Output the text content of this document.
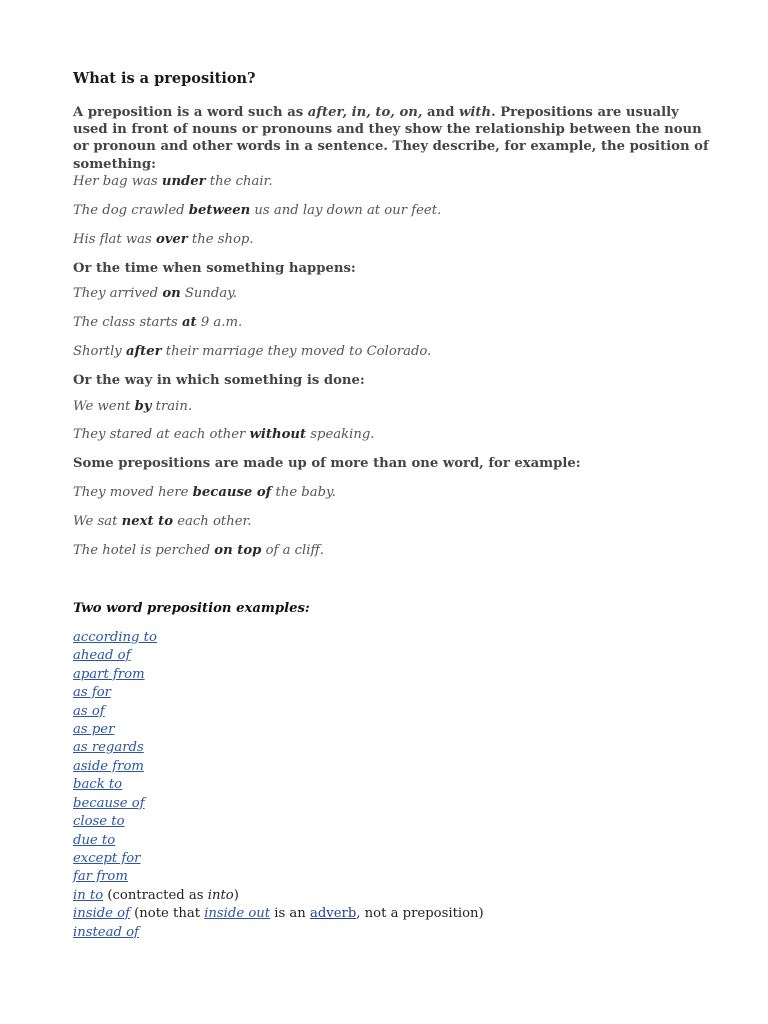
What is a preposition?
A preposition is a word such as after, in, to, on, and with. Prepositions are usually used in front of nouns or pronouns and they show the relationship between the noun or pronoun and other words in a sentence. They describe, for example, the position of something:
Her bag was under the chair.
The dog crawled between us and lay down at our feet.
His flat was over the shop.
Or the time when something happens:
They arrived on Sunday.
The class starts at 9 a.m.
Shortly after their marriage they moved to Colorado.
Or the way in which something is done:
We went by train.
They stared at each other without speaking.
Some prepositions are made up of more than one word, for example:
They moved here because of the baby.
We sat next to each other.
The hotel is perched on top of a cliff.
Two word preposition examples:
according to
ahead of
apart from
as for
as of
as per
as regards
aside from
back to
because of
close to
due to
except for
far from
in to (contracted as into)
inside of (note that inside out is an adverb, not a preposition)
instead of
